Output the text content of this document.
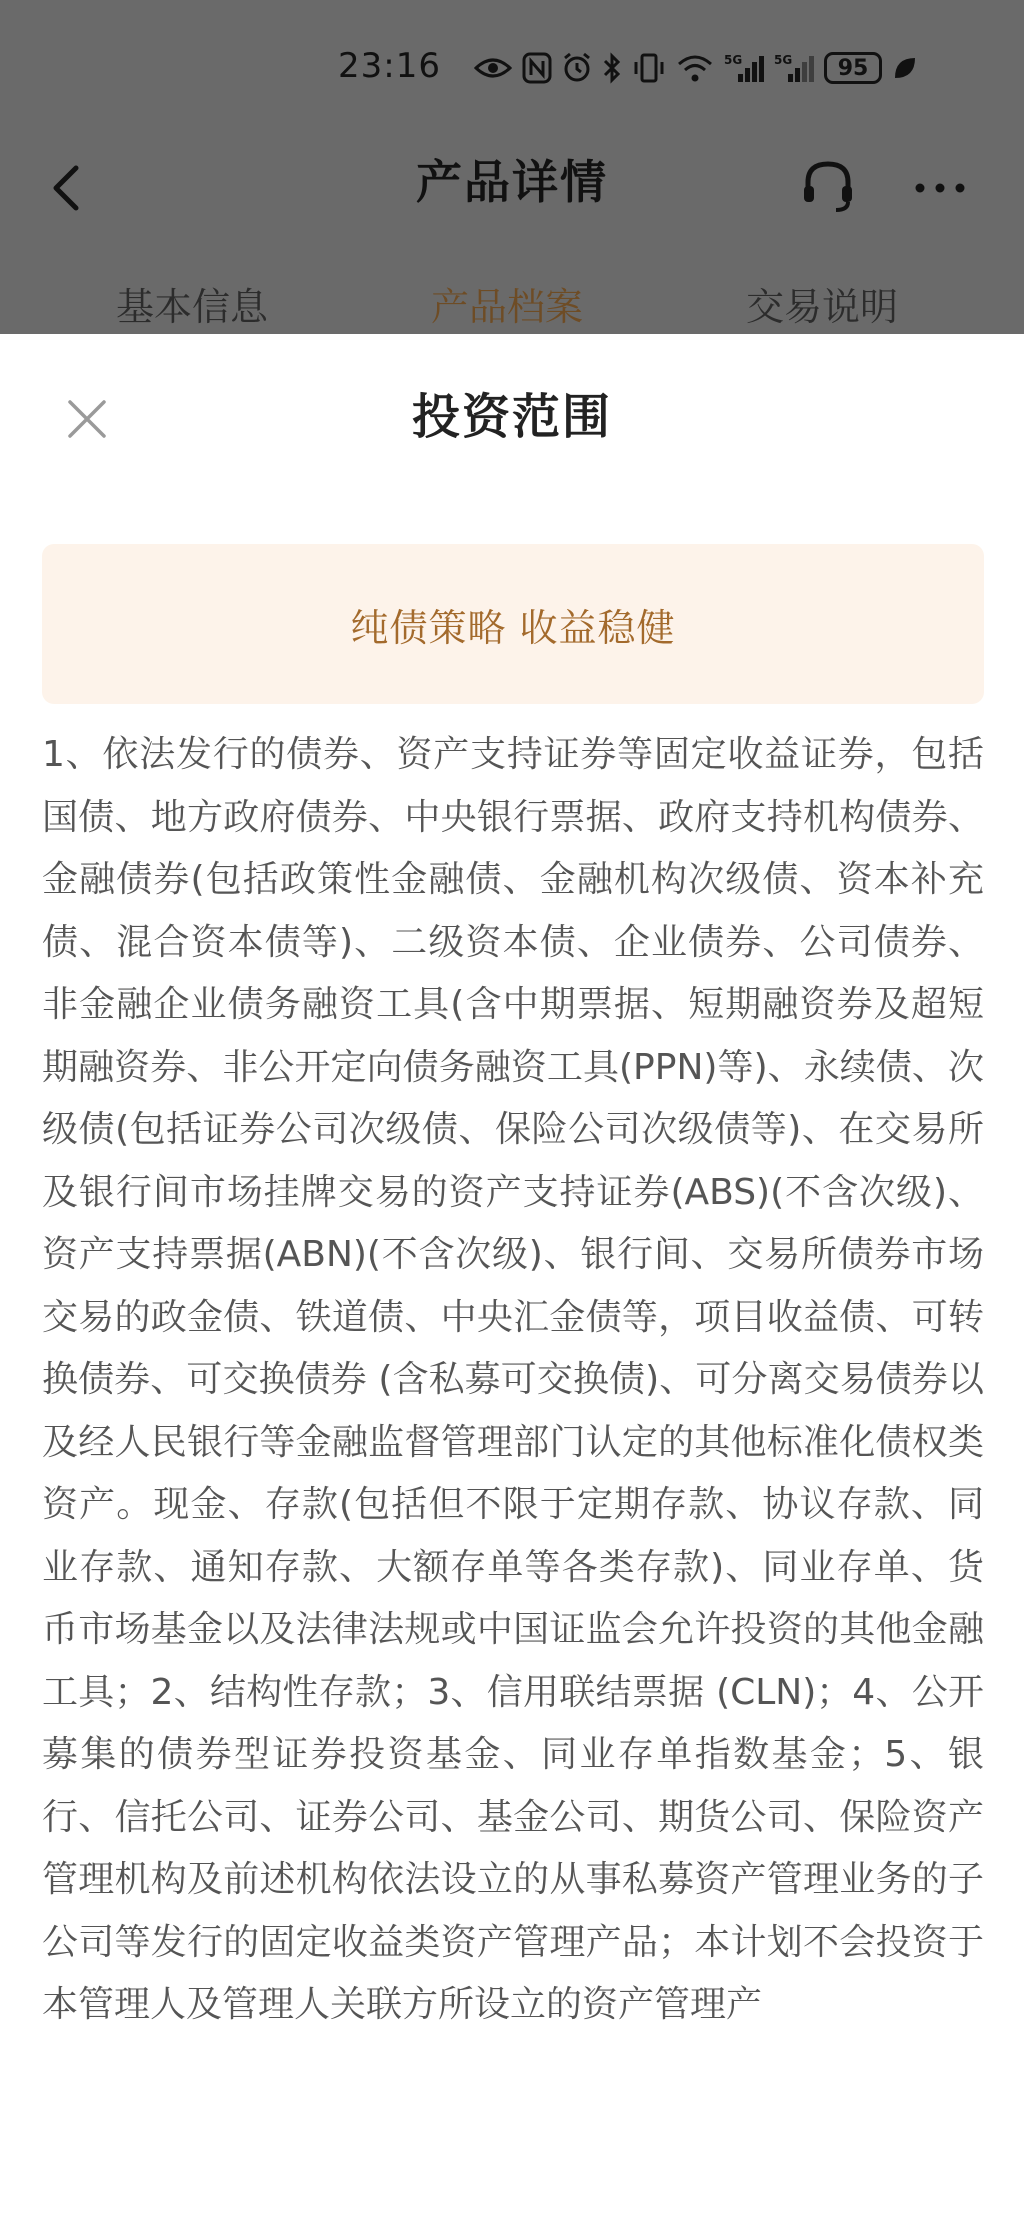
23:16	5G	5G	95
产品详情
基本信息	产品档案	交易说明
投资范围
纯债策略 收益稳健

1、依法发行的债券、资产支持证券等固定收益证券，包括国债、地方政府债券、中央银行票据、政府支持机构债券、金融债券(包括政策性金融债、金融机构次级债、资本补充债、混合资本债等)、二级资本债、企业债券、公司债券、非金融企业债务融资工具(含中期票据、短期融资券及超短期融资券、非公开定向债务融资工具(PPN)等)、永续债、次级债(包括证券公司次级债、保险公司次级债等)、在交易所及银行间市场挂牌交易的资产支持证券(ABS)(不含次级)、资产支持票据(ABN)(不含次级)、银行间、交易所债券市场交易的政金债、铁道债、中央汇金债等，项目收益债、可转换债券、可交换债券 (含私募可交换债)、可分离交易债券以及经人民银行等金融监督管理部门认定的其他标准化债权类资产。现金、存款(包括但不限于定期存款、协议存款、同业存款、通知存款、大额存单等各类存款)、同业存单、货币市场基金以及法律法规或中国证监会允许投资的其他金融工具；2、结构性存款；3、信用联结票据 (CLN)；4、公开募集的债券型证券投资基金、同业存单指数基金；5、银行、信托公司、证券公司、基金公司、期货公司、保险资产管理机构及前述机构依法设立的从事私募资产管理业务的子公司等发行的固定收益类资产管理产品；本计划不会投资于本管理人及管理人关联方所设立的资产管理产
